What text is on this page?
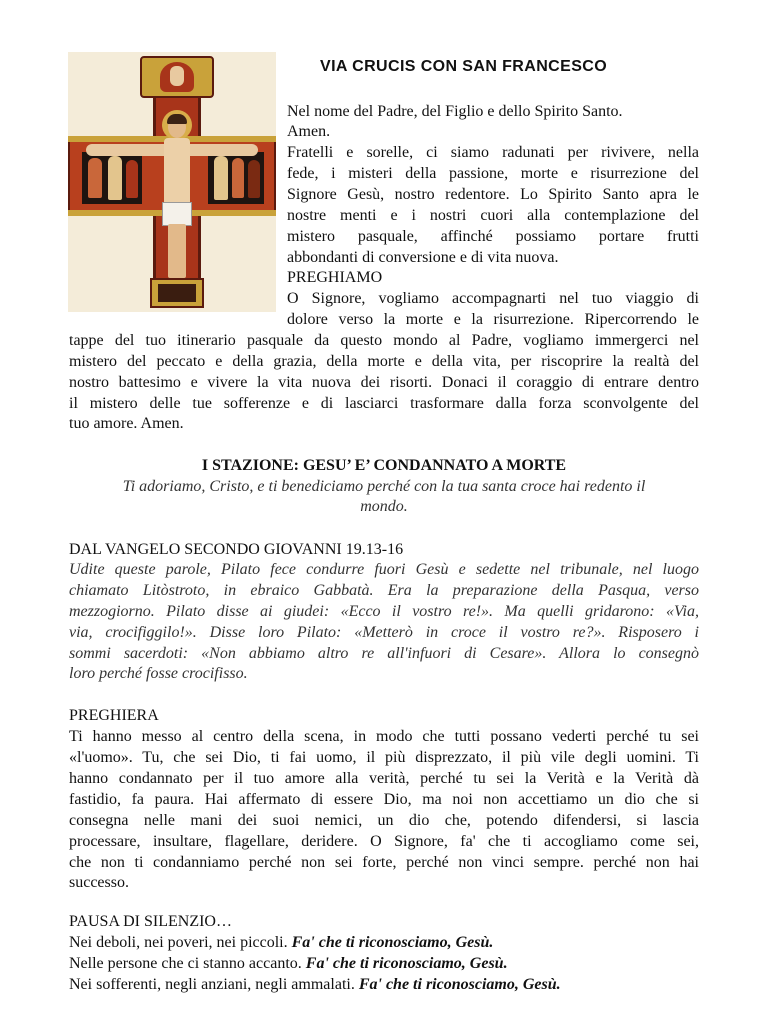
VIA CRUCIS CON SAN FRANCESCO
Nel nome del Padre, del Figlio e dello Spirito Santo.
Amen.
Fratelli e sorelle, ci siamo radunati per rivivere, nella
fede, i misteri della passione, morte e risurrezione del
Signore Gesù, nostro redentore. Lo Spirito Santo apra le
nostre menti e i nostri cuori alla contemplazione del
mistero pasquale, affinché possiamo portare frutti
abbondanti di conversione e di vita nuova.
PREGHIAMO
O Signore, vogliamo accompagnarti nel tuo viaggio di
dolore verso la morte e la risurrezione. Ripercorrendo le
tappe del tuo itinerario pasquale da questo mondo al Padre, vogliamo immergerci nel
mistero del peccato e della grazia, della morte e della vita, per riscoprire la realtà del
nostro battesimo e vivere la vita nuova dei risorti. Donaci il coraggio di entrare dentro
il mistero delle tue sofferenze e di lasciarci trasformare dalla forza sconvolgente del
tuo amore. Amen.
I STAZIONE: GESU’ E’ CONDANNATO A MORTE
Ti adoriamo, Cristo, e ti benediciamo perché con la tua santa croce hai redento il
mondo.
DAL VANGELO SECONDO GIOVANNI 19.13-16
Udite queste parole, Pilato fece condurre fuori Gesù e sedette nel tribunale, nel luogo
chiamato Litòstroto, in ebraico Gabbatà. Era la preparazione della Pasqua, verso
mezzogiorno. Pilato disse ai giudei: «Ecco il vostro re!». Ma quelli gridarono: «Via,
via, crocifiggilo!». Disse loro Pilato: «Metterò in croce il vostro re?». Risposero i
sommi sacerdoti: «Non abbiamo altro re all'infuori di Cesare». Allora lo consegnò
loro perché fosse crocifisso.
PREGHIERA
Ti hanno messo al centro della scena, in modo che tutti possano vederti perché tu sei
«l'uomo». Tu, che sei Dio, ti fai uomo, il più disprezzato, il più vile degli uomini. Ti
hanno condannato per il tuo amore alla verità, perché tu sei la Verità e la Verità dà
fastidio, fa paura. Hai affermato di essere Dio, ma noi non accettiamo un dio che si
consegna nelle mani dei suoi nemici, un dio che, potendo difendersi, si lascia
processare, insultare, flagellare, deridere. O Signore, fa' che ti accogliamo come sei,
che non ti condanniamo perché non sei forte, perché non vinci sempre. perché non hai
successo.
PAUSA DI SILENZIO…
Nei deboli, nei poveri, nei piccoli. Fa' che ti riconosciamo, Gesù.
Nelle persone che ci stanno accanto. Fa' che ti riconosciamo, Gesù.
Nei sofferenti, negli anziani, negli ammalati. Fa' che ti riconosciamo, Gesù.
